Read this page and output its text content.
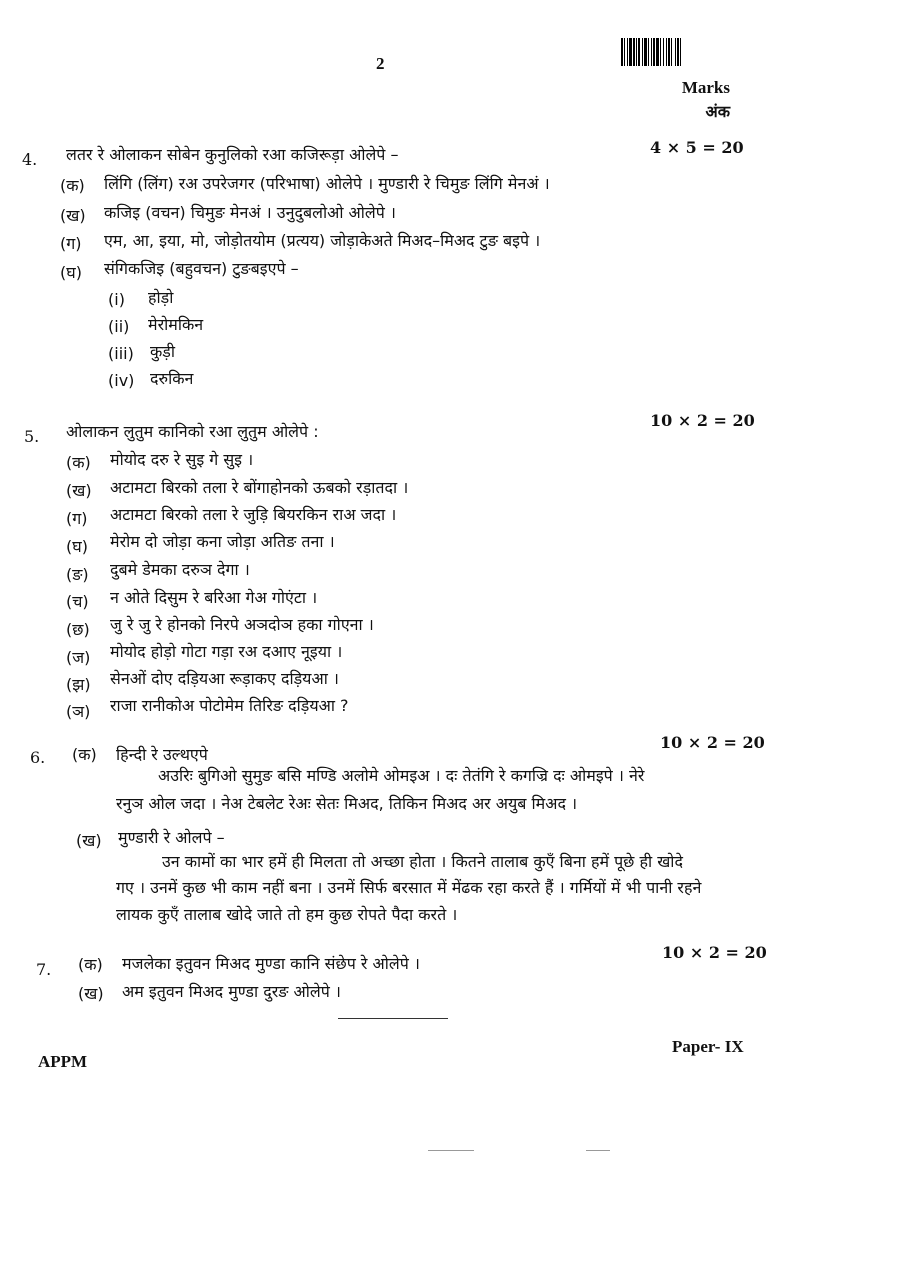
2
Marks
अंक
4. लतर रे ओलाकन सोबेन कुनुलिको रआ कजिरूड़ा ओलेपे –	4 × 5 = 20
(क) लिंगि (लिंग) रअ उपरेजगर (परिभाषा) ओलेपे । मुण्डारी रे चिमुङ लिंगि मेनअं ।
(ख) कजिइ (वचन) चिमुङ मेनअं । उनुदुबलोओ ओलेपे ।
(ग) एम, आ, इया, मो, जोड़ोतयोम (प्रत्यय) जोड़ाकेअते मिअद–मिअद टुङ बइपे ।
(घ) संगिकजिइ (बहुवचन) टुङबइएपे –
(i) होड़ो
(ii) मेरोमकिन
(iii) कुड़ी
(iv) दरुकिन
5. ओलाकन लुतुम कानिको रआ लुतुम ओलेपे :
10 × 2 = 20
(क) मोयोद दरु रे सुइ गे सुइ ।
(ख) अटामटा बिरको तला रे बोंगाहोनको ऊबको रड़ातदा ।
(ग) अटामटा बिरको तला रे जुड़ि बियरकिन राअ जदा ।
(घ) मेरोम दो जोड़ा कना जोड़ा अतिङ तना ।
(ङ) दुबमे डेमका दरुञ देगा ।
(च) न ओते दिसुम रे बरिआ गेअ गोएंटा ।
(छ) जु रे जु रे होनको निरपे अञदोञ हका गोएना ।
(ज) मोयोद होड़ो गोटा गड़ा रअ दआए नूइया ।
(झ) सेनओं दोए दड़ियआ रूड़ाकए दड़ियआ ।
(ञ) राजा रानीकोअ पोटोमेम तिरिङ दड़ियआ ?
6. (क) हिन्दी रे उल्थएपे
10 × 2 = 20
अउरिः बुगिओ सुमुङ बसि मण्डि अलोमे ओमइअ । दः तेतंगि रे कगज्रि दः ओमइपे । नेरे
रनुञ ओल जदा । नेअ टेबलेट रेअः सेतः मिअद, तिकिन मिअद अर अयुब मिअद ।
(ख) मुण्डारी रे ओलपे –
उन कामों का भार हमें ही मिलता तो अच्छा होता । कितने तालाब कुएँ बिना हमें पूछे ही खोदे
गए । उनमें कुछ भी काम नहीं बना । उनमें सिर्फ बरसात में मेंढक रहा करते हैं । गर्मियों में भी पानी रहने
लायक कुएँ तालाब खोदे जाते तो हम कुछ रोपते पैदा करते ।
7. (क) मजलेका इतुवन मिअद मुण्डा कानि संछेप रे ओलेपे ।
10 × 2 = 20
(ख) अम इतुवन मिअद मुण्डा दुरङ ओलेपे ।
APPM
Paper- IX
